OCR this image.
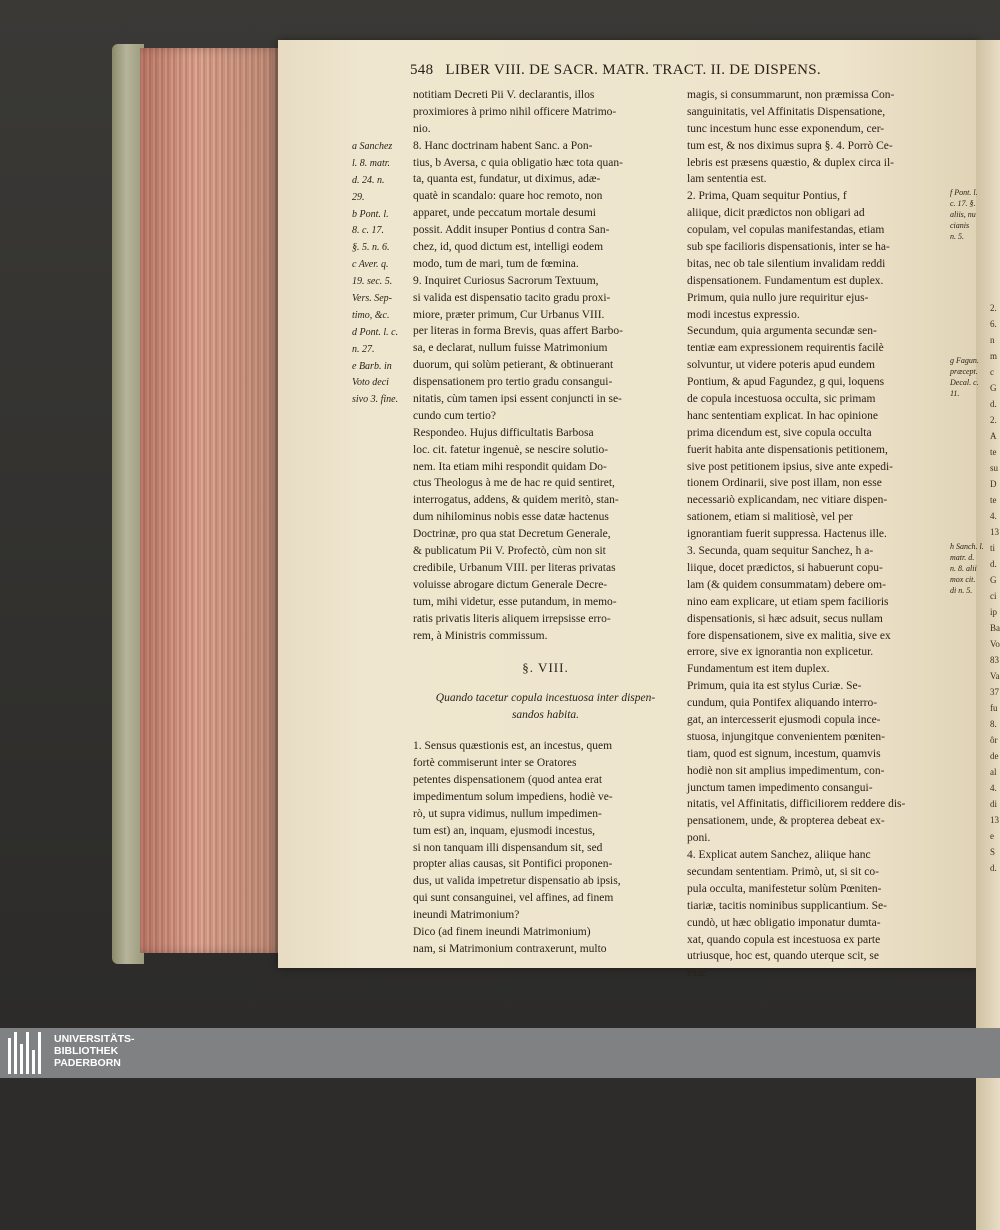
2.
6.
n
m
c
G
d.
2.
A
te
su
D
te
4.
13
ti
d.
G
ci
ip
Ba
Vo
83
Va
37
fu
8.
ôr
de
al
4.
di
13
e S
d.
548 LIBER VIII. DE SACR. MATR. TRACT. II. DE DISPENS.
a Sanchez
l. 8. matr.
d. 24. n.
29.
b Pont. l.
8. c. 17.
§. 5. n. 6.
c Aver. q.
19. sec. 5.
Vers. Sep-
timo, &c.
d Pont. l. c.
n. 27.
e Barb. in
Voto deci
sivo 3. fine.
notitiam Decreti Pii V. declarantis, illos
proximiores à primo nihil officere Matrimo-
nio.
8. Hanc doctrinam habent Sanc. a Pon-
tius, b Aversa, c quia obligatio hæc tota quan-
ta, quanta est, fundatur, ut diximus, adæ-
quatè in scandalo: quare hoc remoto, non
apparet, unde peccatum mortale desumi
possit. Addit insuper Pontius d contra San-
chez, id, quod dictum est, intelligi eodem
modo, tum de mari, tum de fœmina.
9. Inquiret Curiosus Sacrorum Textuum,
si valida est dispensatio tacito gradu proxi-
miore, præter primum, Cur Urbanus VIII.
per literas in forma Brevis, quas affert Barbo-
sa, e declarat, nullum fuisse Matrimonium
duorum, qui solùm petierant, & obtinuerant
dispensationem pro tertio gradu consangui-
nitatis, cùm tamen ipsi essent conjuncti in se-
cundo cum tertio?
Respondeo. Hujus difficultatis Barbosa
loc. cit. fatetur ingenuè, se nescire solutio-
nem. Ita etiam mihi respondit quidam Do-
ctus Theologus à me de hac re quid sentiret,
interrogatus, addens, & quidem meritò, stan-
dum nihilominus nobis esse datæ hactenus
Doctrinæ, pro qua stat Decretum Generale,
& publicatum Pii V. Profectò, cùm non sit
credibile, Urbanum VIII. per literas privatas
voluisse abrogare dictum Generale Decre-
tum, mihi videtur, esse putandum, in memo-
ratis privatis literis aliquem irrepsisse erro-
rem, à Ministris commissum.
§. VIII.
Quando tacetur copula incestuosa inter dispen-
sandos habita.
1. Sensus quæstionis est, an incestus, quem
fortè commiserunt inter se Oratores
petentes dispensationem (quod antea erat
impedimentum solum impediens, hodiè ve-
rò, ut supra vidimus, nullum impedimen-
tum est) an, inquam, ejusmodi incestus,
si non tanquam illi dispensandum sit, sed
propter alias causas, sit Pontifici proponen-
dus, ut valida impetretur dispensatio ab ipsis,
qui sunt consanguinei, vel affines, ad finem
ineundi Matrimonium?
Dico (ad finem ineundi Matrimonium)
nam, si Matrimonium contraxerunt, multo
magis, si consummarunt, non præmissa Con-
sanguinitatis, vel Affinitatis Dispensatione,
tunc incestum hunc esse exponendum, cer-
tum est, & nos diximus supra §. 4. Porrò Ce-
lebris est præsens quæstio, & duplex circa il-
lam sententia est.
2. Prima, Quam sequitur Pontius, f
aliique, dicit prædictos non obligari ad
copulam, vel copulas manifestandas, etiam
sub spe facilioris dispensationis, inter se ha-
bitas, nec ob tale silentium invalidam reddi
dispensationem. Fundamentum est duplex.
Primum, quia nullo jure requiritur ejus-
modi incestus expressio.
Secundum, quia argumenta secundæ sen-
tentiæ eam expressionem requirentis facilè
solvuntur, ut videre poteris apud eundem
Pontium, & apud Fagundez, g qui, loquens
de copula incestuosa occulta, sic primam
hanc sententiam explicat. In hac opinione
prima dicendum est, sive copula occulta
fuerit habita ante dispensationis petitionem,
sive post petitionem ipsius, sive ante expedi-
tionem Ordinarii, sive post illam, non esse
necessariò explicandam, nec vitiare dispen-
sationem, etiam si malitiosè, vel per
ignorantiam fuerit suppressa. Hactenus ille.
3. Secunda, quam sequitur Sanchez, h a-
liique, docet prædictos, si habuerunt copu-
lam (& quidem consummatam) debere om-
nino eam explicare, ut etiam spem facilioris
dispensationis, si hæc adsuit, secus nullam
fore dispensationem, sive ex malitia, sive ex
errore, sive ex ignorantia non explicetur.
Fundamentum est item duplex.
Primum, quia ita est stylus Curiæ. Se-
cundum, quia Pontifex aliquando interro-
gat, an intercesserit ejusmodi copula ince-
stuosa, injungitque convenientem pœniten-
tiam, quod est signum, incestum, quamvis
hodiè non sit amplius impedimentum, con-
junctum tamen impedimento consangui-
nitatis, vel Affinitatis, difficiliorem reddere dis-
pensationem, unde, & propterea debeat ex-
poni.
4. Explicat autem Sanchez, aliique hanc
secundam sententiam. Primò, ut, si sit co-
pula occulta, manifestetur solùm Pœniten-
tiariæ, tacitis nominibus supplicantium. Se-
cundò, ut hæc obligatio imponatur dumta-
xat, quando copula est incestuosa ex parte
utriusque, hoc est, quando uterque scit, se
esse
f Pont. l.
c. 17. §.
aliis, nu
cianis
n. 5.
g Fagun.
præcept.
Decal. c.
11.
h Sanch. l.
matr. d.
n. 8. alii
mox cit.
di n. 5.
UNIVERSITÄTS-
BIBLIOTHEK
PADERBORN
